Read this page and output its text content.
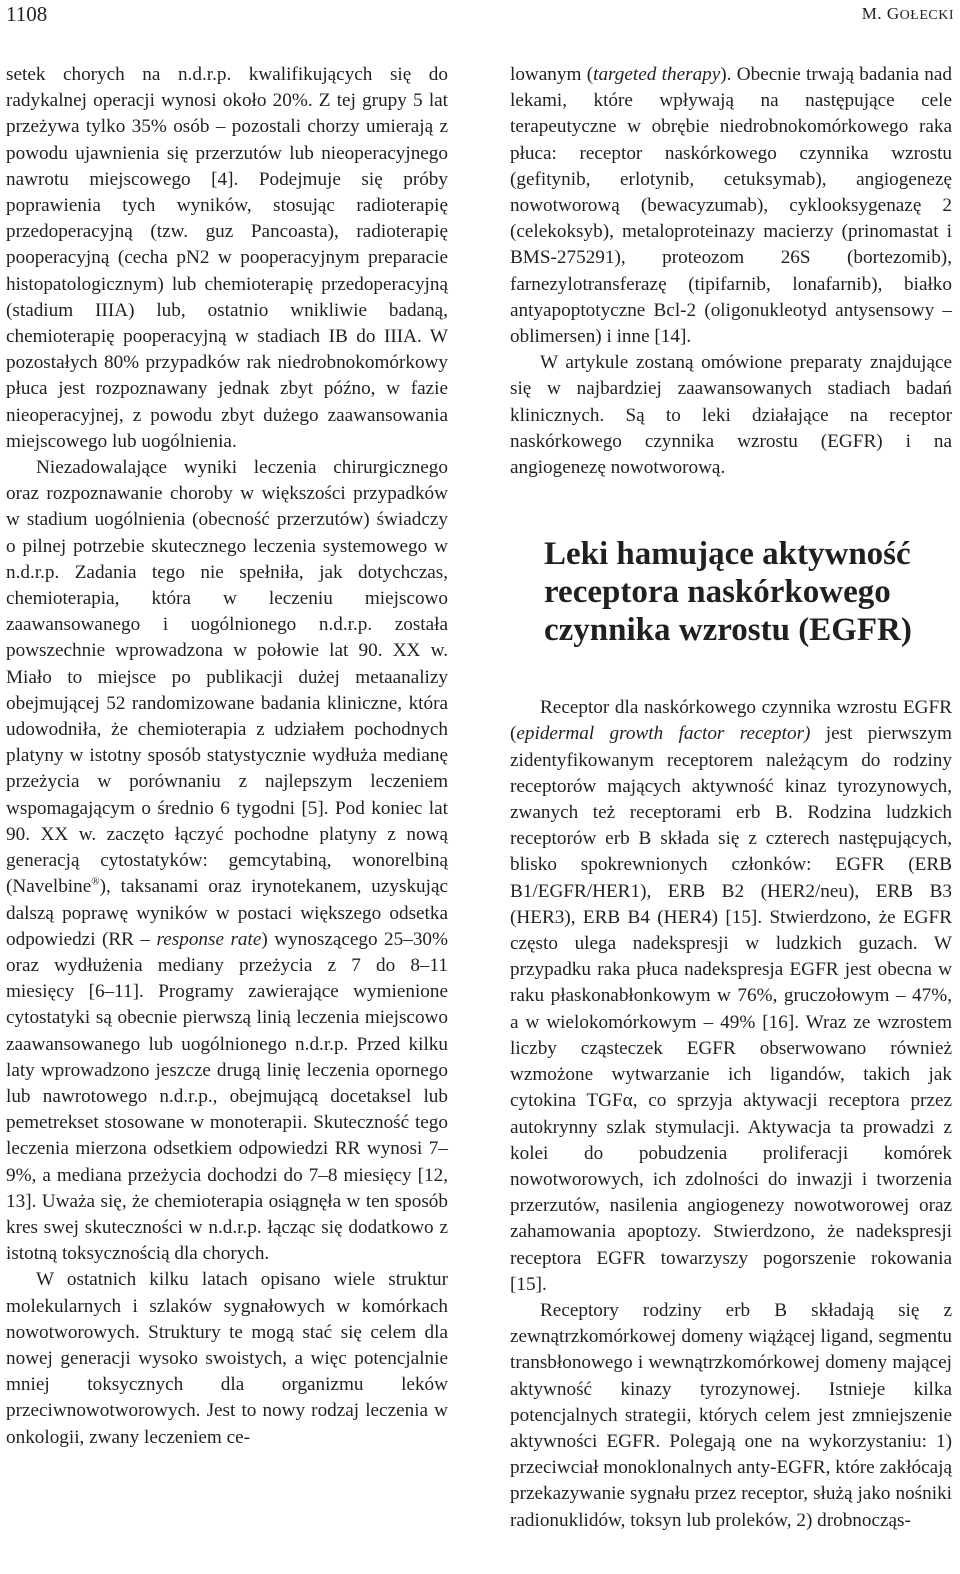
1108	M. GOŁECKI

setek chorych na n.d.r.p. kwalifikujących się do radykalnej operacji wynosi około 20%. Z tej grupy 5 lat przeżywa tylko 35% osób – pozostali chorzy umierają z powodu ujawnienia się przerzutów lub nieoperacyjnego nawrotu miejscowego [4]. Podejmuje się próby poprawienia tych wyników, stosując radioterapię przedoperacyjną (tzw. guz Pancoasta), radioterapię pooperacyjną (cecha pN2 w pooperacyjnym preparacie histopatologicznym) lub chemioterapię przedoperacyjną (stadium IIIA) lub, ostatnio wnikliwie badaną, chemioterapię pooperacyjną w stadiach IB do IIIA. W pozostałych 80% przypadków rak niedrobnokomórkowy płuca jest rozpoznawany jednak zbyt późno, w fazie nieoperacyjnej, z powodu zbyt dużego zaawansowania miejscowego lub uogólnienia.

Niezadowalające wyniki leczenia chirurgicznego oraz rozpoznawanie choroby w większości przypadków w stadium uogólnienia (obecność przerzutów) świadczy o pilnej potrzebie skutecznego leczenia systemowego w n.d.r.p. Zadania tego nie spełniła, jak dotychczas, chemioterapia, która w leczeniu miejscowo zaawansowanego i uogólnionego n.d.r.p. została powszechnie wprowadzona w połowie lat 90. XX w. Miało to miejsce po publikacji dużej metaanalizy obejmującej 52 randomizowane badania kliniczne, która udowodniła, że chemioterapia z udziałem pochodnych platyny w istotny sposób statystycznie wydłuża medianę przeżycia w porównaniu z najlepszym leczeniem wspomagającym o średnio 6 tygodni [5]. Pod koniec lat 90. XX w. zaczęto łączyć pochodne platyny z nową generacją cytostatyków: gemcytabiną, wonorelbiną (Navelbine®), taksanami oraz irynotekanem, uzyskując dalszą poprawę wyników w postaci większego odsetka odpowiedzi (RR – response rate) wynoszącego 25–30% oraz wydłużenia mediany przeżycia z 7 do 8–11 miesięcy [6–11]. Programy zawierające wymienione cytostatyki są obecnie pierwszą linią leczenia miejscowo zaawansowanego lub uogólnionego n.d.r.p. Przed kilku laty wprowadzono jeszcze drugą linię leczenia opornego lub nawrotowego n.d.r.p., obejmującą docetaksel lub pemetrekset stosowane w monoterapii. Skuteczność tego leczenia mierzona odsetkiem odpowiedzi RR wynosi 7–9%, a mediana przeżycia dochodzi do 7–8 miesięcy [12, 13]. Uważa się, że chemioterapia osiągnęła w ten sposób kres swej skuteczności w n.d.r.p. łącząc się dodatkowo z istotną toksycznością dla chorych.

W ostatnich kilku latach opisano wiele struktur molekularnych i szlaków sygnałowych w komórkach nowotworowych. Struktury te mogą stać się celem dla nowej generacji wysoko swoistych, a więc potencjalnie mniej toksycznych dla organizmu leków przeciwnowotworowych. Jest to nowy rodzaj leczenia w onkologii, zwany leczeniem ce-

lowanym (targeted therapy). Obecnie trwają badania nad lekami, które wpływają na następujące cele terapeutyczne w obrębie niedrobnokomórkowego raka płuca: receptor naskórkowego czynnika wzrostu (gefitynib, erlotynib, cetuksymab), angiogenezę nowotworową (bewacyzumab), cyklooksygenazę 2 (celekoksyb), metaloproteinazy macierzy (prinomastat i BMS-275291), proteozom 26S (bortezomib), farnezylotransferazę (tipifarnib, lonafarnib), białko antyapoptotyczne Bcl-2 (oligonukleotyd antysensowy – oblimersen) i inne [14].

W artykule zostaną omówione preparaty znajdujące się w najbardziej zaawansowanych stadiach badań klinicznych. Są to leki działające na receptor naskórkowego czynnika wzrostu (EGFR) i na angiogenezę nowotworową.

Leki hamujące aktywność receptora naskórkowego czynnika wzrostu (EGFR)

Receptor dla naskórkowego czynnika wzrostu EGFR (epidermal growth factor receptor) jest pierwszym zidentyfikowanym receptorem należącym do rodziny receptorów mających aktywność kinaz tyrozynowych, zwanych też receptorami erb B. Rodzina ludzkich receptorów erb B składa się z czterech następujących, blisko spokrewnionych członków: EGFR (ERB B1/EGFR/HER1), ERB B2 (HER2/neu), ERB B3 (HER3), ERB B4 (HER4) [15]. Stwierdzono, że EGFR często ulega nadekspresji w ludzkich guzach. W przypadku raka płuca nadekspresja EGFR jest obecna w raku płaskonabłonkowym w 76%, gruczołowym – 47%, a w wielokomórkowym – 49% [16]. Wraz ze wzrostem liczby cząsteczek EGFR obserwowano również wzmożone wytwarzanie ich ligandów, takich jak cytokina TGFα, co sprzyja aktywacji receptora przez autokrynny szlak stymulacji. Aktywacja ta prowadzi z kolei do pobudzenia proliferacji komórek nowotworowych, ich zdolności do inwazji i tworzenia przerzutów, nasilenia angiogenezy nowotworowej oraz zahamowania apoptozy. Stwierdzono, że nadekspresji receptora EGFR towarzyszy pogorszenie rokowania [15].

Receptory rodziny erb B składają się z zewnątrzkomórkowej domeny wiążącej ligand, segmentu transbłonowego i wewnątrzkomórkowej domeny mającej aktywność kinazy tyrozynowej. Istnieje kilka potencjalnych strategii, których celem jest zmniejszenie aktywności EGFR. Polegają one na wykorzystaniu: 1) przeciwciał monoklonalnych anty-EGFR, które zakłócają przekazywanie sygnału przez receptor, służą jako nośniki radionuklidów, toksyn lub proleków, 2) drobnocząs-
